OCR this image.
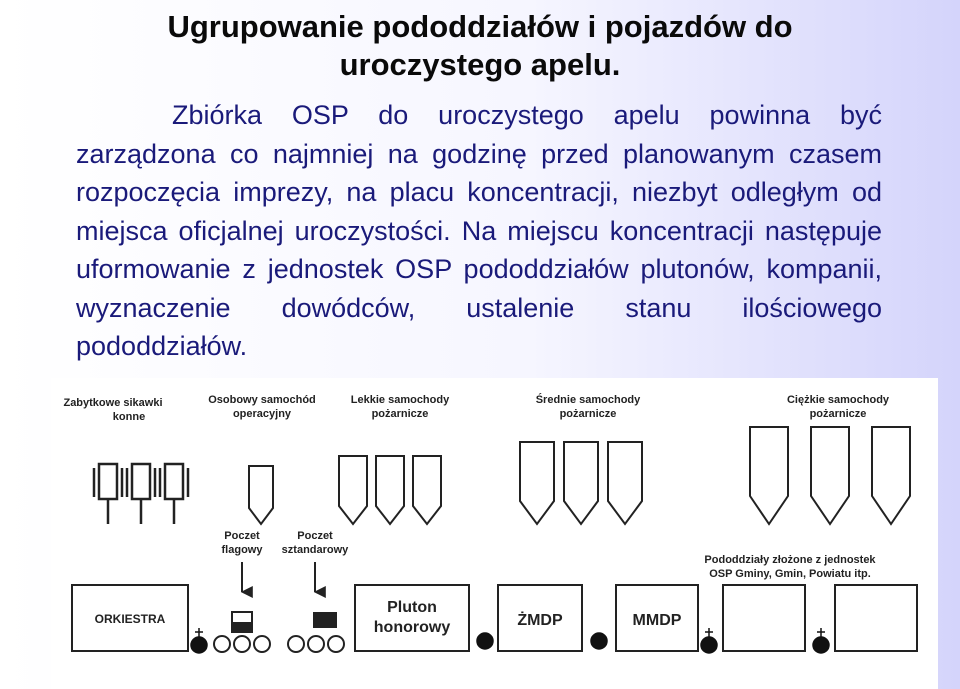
Ugrupowanie pododdziałów i pojazdów do
uroczystego apelu.
Zbiórka OSP do uroczystego apelu powinna być zarządzona co najmniej na godzinę przed planowanym czasem rozpoczęcia imprezy, na placu koncentracji, niezbyt odległym od miejsca oficjalnej uroczystości. Na miejscu koncentracji następuje uformowanie z jednostek OSP pododdziałów plutonów, kompanii, wyznaczenie dowódców, ustalenie stanu ilościowego pododdziałów.
Zabytkowe sikawki
konne
Osobowy samochód
operacyjny
Lekkie samochody
pożarnicze
Średnie samochody
pożarnicze
Ciężkie samochody
pożarnicze
Poczet
flagowy
Poczet
sztandarowy
Pododdziały złożone z jednostek
OSP Gminy, Gmin, Powiatu itp.
ORKIESTRA
Pluton
honorowy	ŻMDP	MMDP
